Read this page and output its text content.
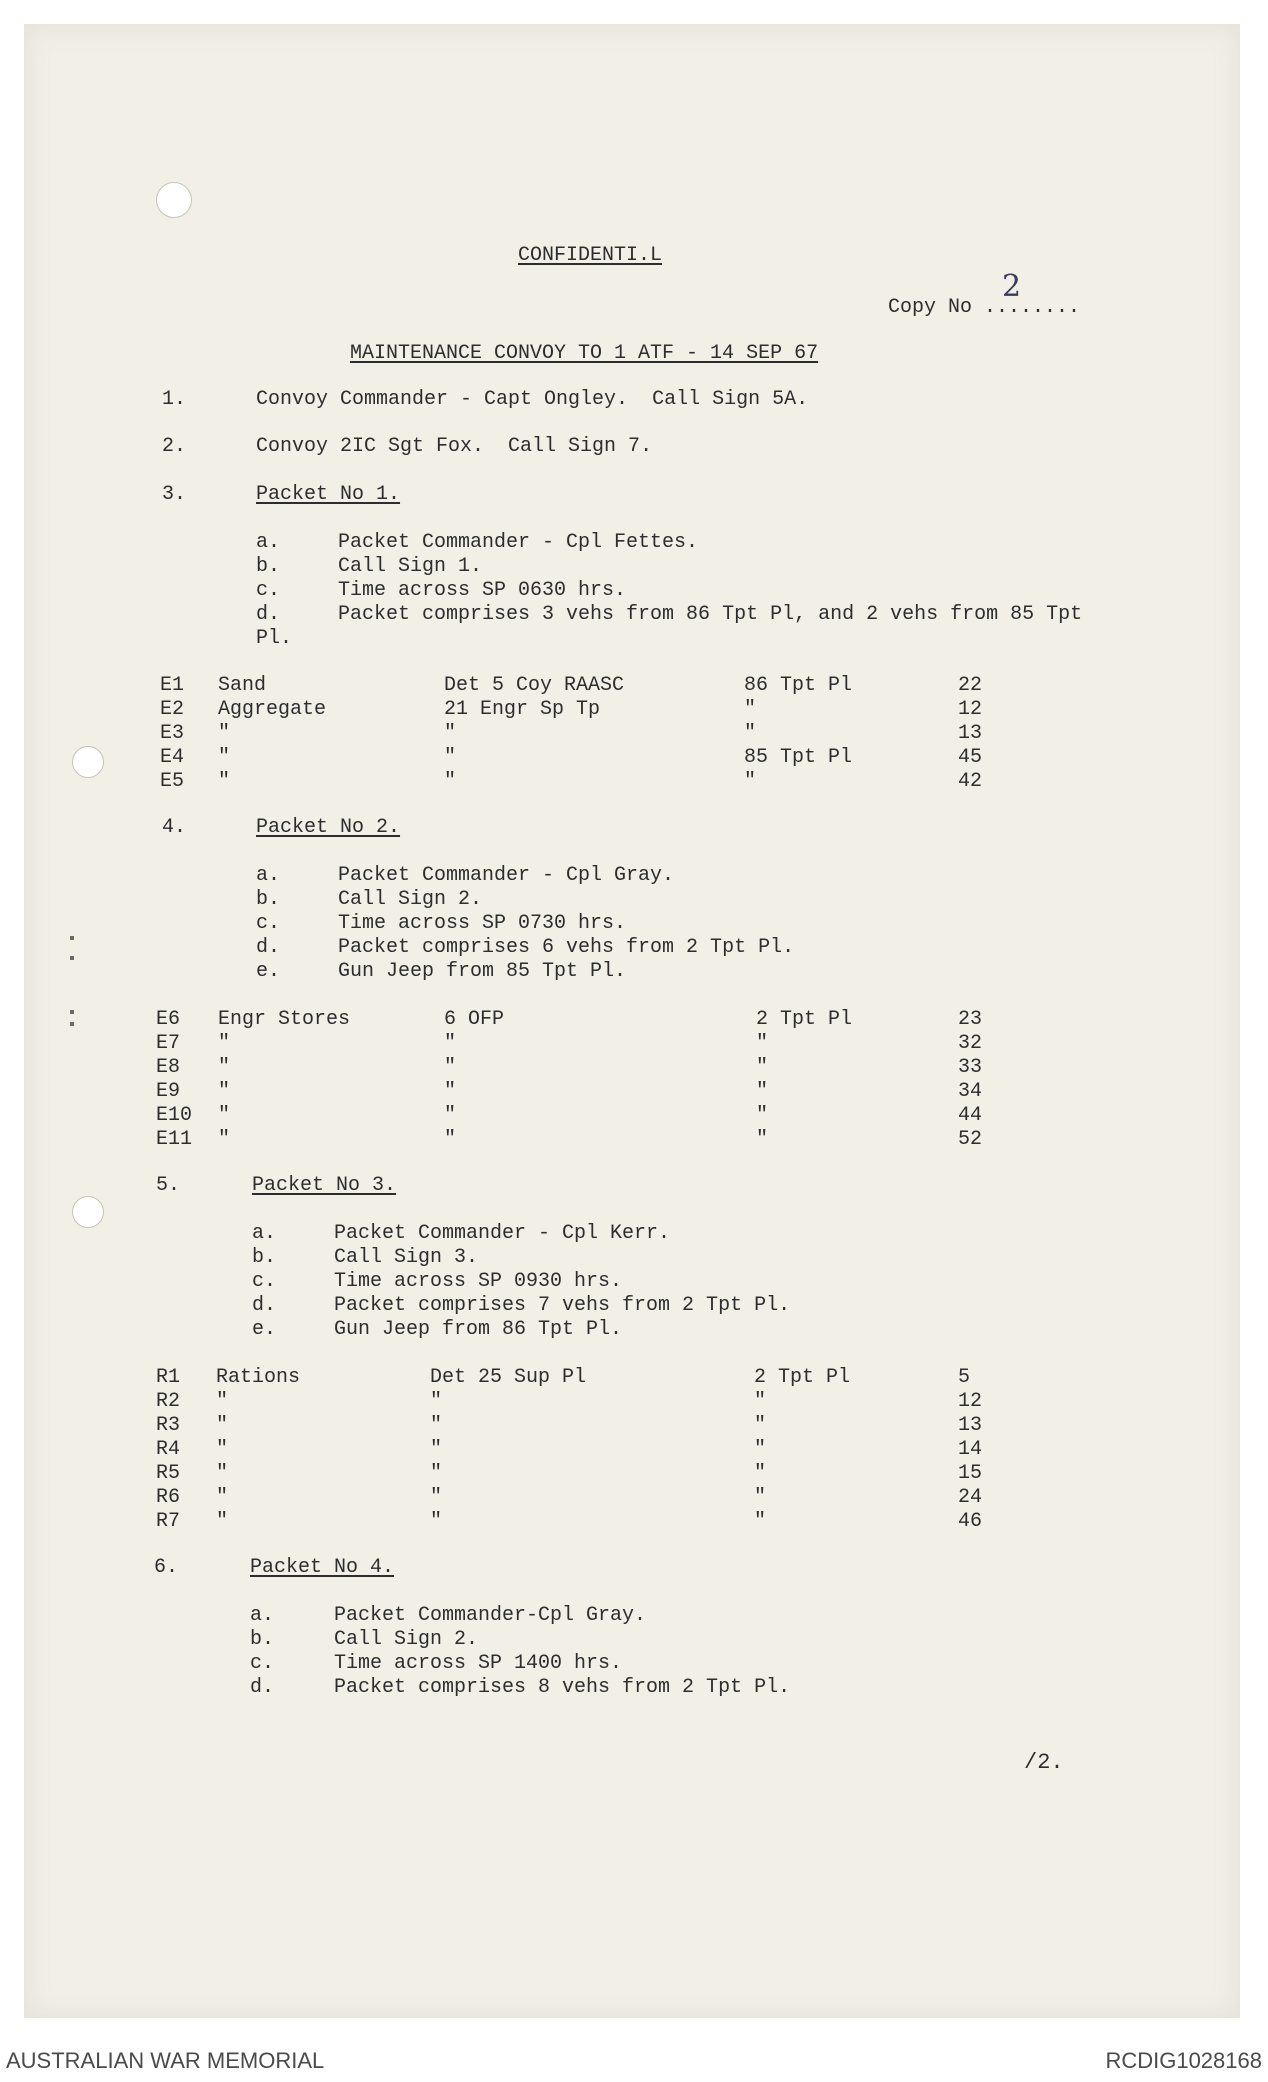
CONFIDENTI.L
Copy No ........
2
MAINTENANCE CONVOY TO 1 ATF - 14 SEP 67
1.	Convoy Commander - Capt Ongley.  Call Sign 5A.
2.	Convoy 2IC Sgt Fox.  Call Sign 7.
3.	Packet No 1.
a.	Packet Commander - Cpl Fettes.
b.	Call Sign 1.
c.	Time across SP 0630 hrs.
d.	Packet comprises 3 vehs from 86 Tpt Pl, and 2 vehs from 85 Tpt
Pl.
4.	Packet No 2.
a.	Packet Commander - Cpl Gray.
b.	Call Sign 2.
c.	Time across SP 0730 hrs.
d.	Packet comprises 6 vehs from 2 Tpt Pl.
e.	Gun Jeep from 85 Tpt Pl.
5.	Packet No 3.
a.	Packet Commander - Cpl Kerr.
b.	Call Sign 3.
c.	Time across SP 0930 hrs.
d.	Packet comprises 7 vehs from 2 Tpt Pl.
e.	Gun Jeep from 86 Tpt Pl.
6.	Packet No 4.
a.	Packet Commander-Cpl Gray.
b.	Call Sign 2.
c.	Time across SP 1400 hrs.
d.	Packet comprises 8 vehs from 2 Tpt Pl.
/2.
AUSTRALIAN WAR MEMORIAL	RCDIG1028168
E1 Sand	Det 5 Coy RAASC	86 Tpt Pl	22
E2 Aggregate	21 Engr Sp Tp	"	12
E3 "	"	"	13
E4 "	"	85 Tpt Pl	45
E5 "	"	"	42
E6 Engr Stores	6 OFP	2 Tpt Pl	23
E7 "	"	"	32
E8 "	"	"	33
E9 "	"	"	34
E10 "	"	"	44
E11 "	"	"	52
R1 Rations	Det 25 Sup Pl	2 Tpt Pl	5
R2 "	"	"	12
R3 "	"	"	13
R4 "	"	"	14
R5 "	"	"	15
R6 "	"	"	24
R7 "	"	"	46
